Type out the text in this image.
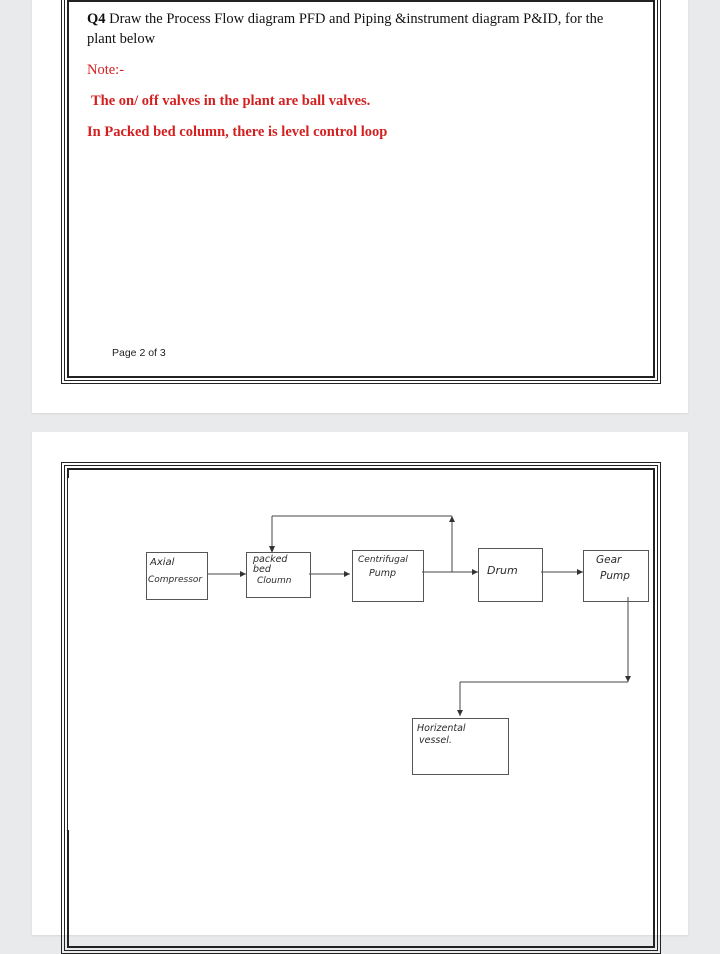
Q4 Draw the Process Flow diagram PFD and Piping &instrument diagram P&ID, for the plant below
Note:-
The on/ off valves in the plant are ball valves.
In Packed bed column, there is level control loop
Page 2 of 3
Axial
Compressor
packed
bed
Cloumn
Centrifugal
Pump	Drum
Gear
Pump
Horizental
vessel.
